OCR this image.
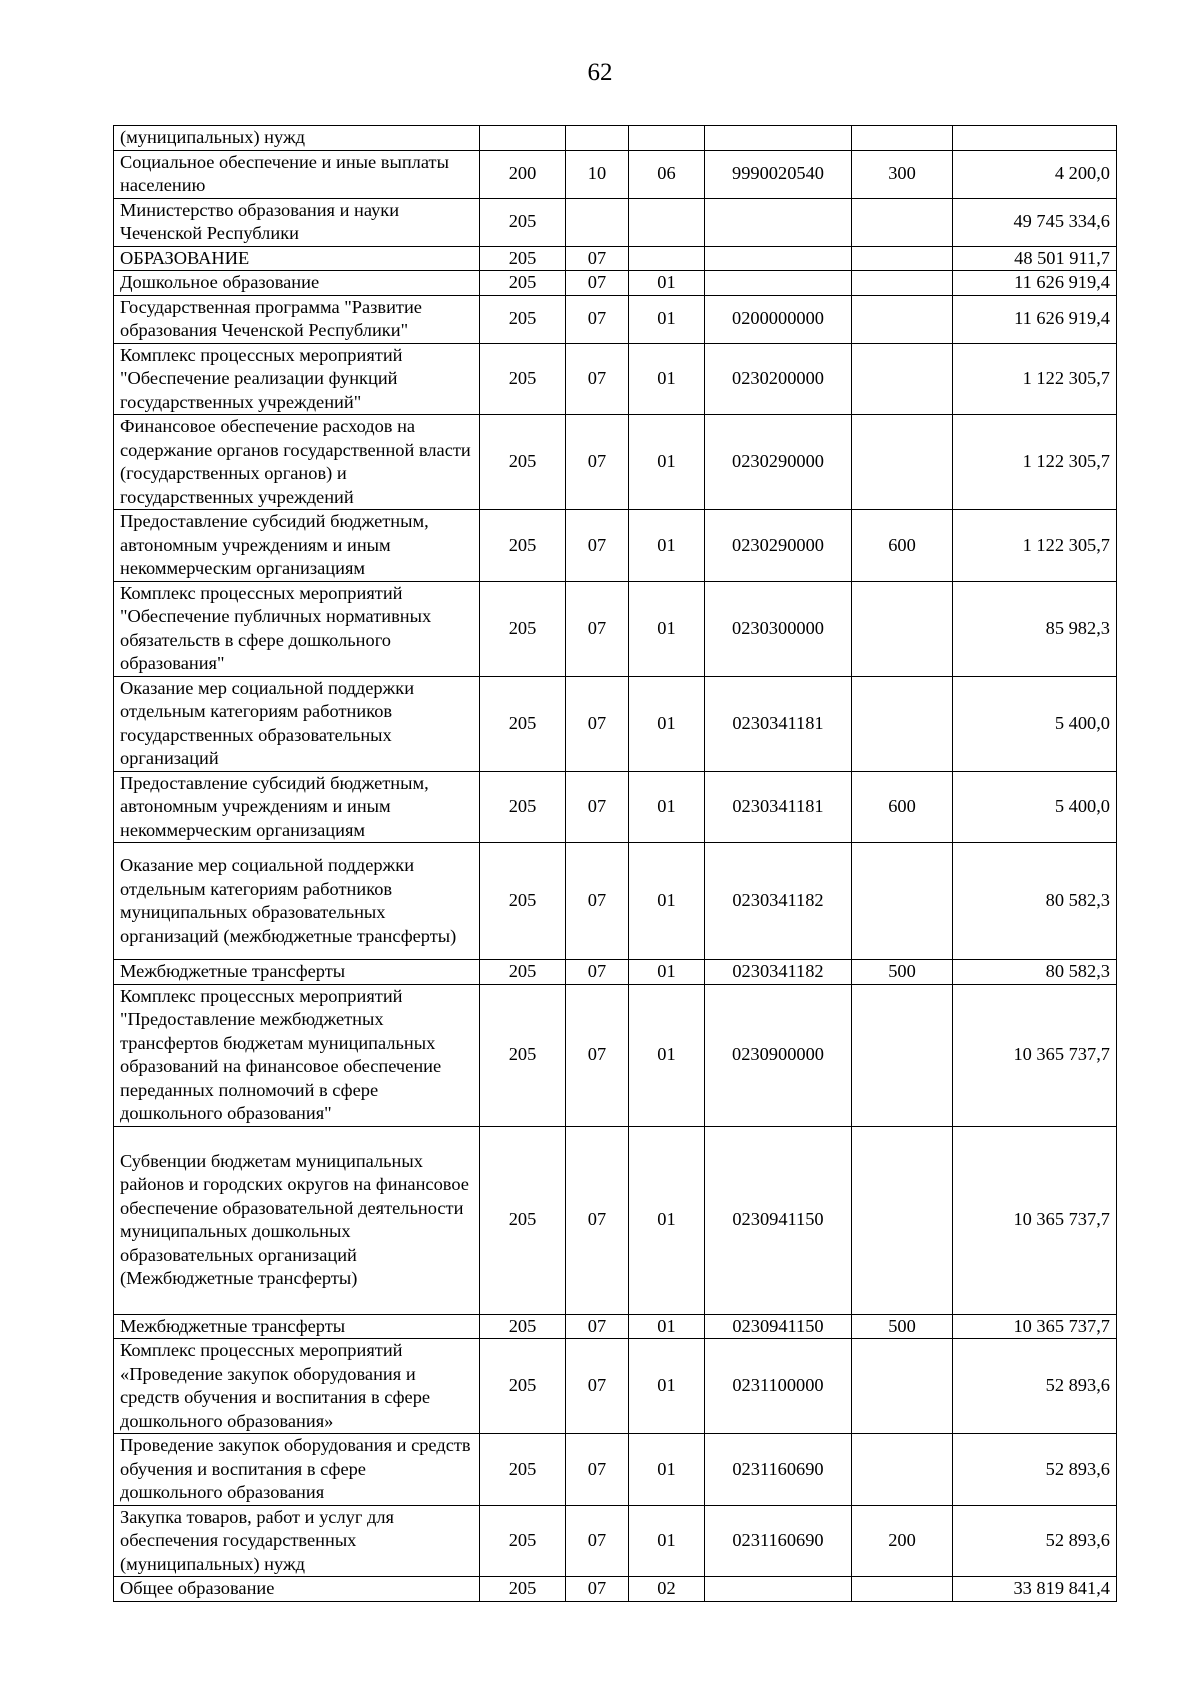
62
(муниципальных) нужд						
Социальное обеспечение и иные выплаты населению	200	10	06	9990020540	300	4 200,0
Министерство образования и науки Чеченской Республики	205					49 745 334,6
ОБРАЗОВАНИЕ	205	07				48 501 911,7
Дошкольное образование	205	07	01			11 626 919,4
Государственная программа "Развитие образования Чеченской Республики"	205	07	01	0200000000		11 626 919,4
Комплекс процессных мероприятий "Обеспечение реализации функций государственных учреждений"	205	07	01	0230200000		1 122 305,7
Финансовое обеспечение расходов на содержание органов государственной власти (государственных органов) и государственных учреждений	205	07	01	0230290000		1 122 305,7
Предоставление субсидий бюджетным, автономным учреждениям и иным некоммерческим организациям	205	07	01	0230290000	600	1 122 305,7
Комплекс процессных мероприятий "Обеспечение публичных нормативных обязательств в сфере дошкольного образования"	205	07	01	0230300000		85 982,3
Оказание мер социальной поддержки отдельным категориям работников государственных образовательных организаций	205	07	01	0230341181		5 400,0
Предоставление субсидий бюджетным, автономным учреждениям и иным некоммерческим организациям	205	07	01	0230341181	600	5 400,0
Оказание мер социальной поддержки отдельным категориям работников муниципальных образовательных организаций (межбюджетные трансферты)	205	07	01	0230341182		80 582,3
Межбюджетные трансферты	205	07	01	0230341182	500	80 582,3
Комплекс процессных мероприятий "Предоставление межбюджетных трансфертов бюджетам муниципальных образований на финансовое обеспечение переданных полномочий в сфере дошкольного образования"	205	07	01	0230900000		10 365 737,7
Субвенции бюджетам муниципальных районов и городских округов на финансовое обеспечение образовательной деятельности муниципальных дошкольных образовательных организаций (Межбюджетные трансферты)	205	07	01	0230941150		10 365 737,7
Межбюджетные трансферты	205	07	01	0230941150	500	10 365 737,7
Комплекс процессных мероприятий «Проведение закупок оборудования и средств обучения и воспитания в сфере дошкольного образования»	205	07	01	0231100000		52 893,6
Проведение закупок оборудования и средств обучения и воспитания в сфере дошкольного образования	205	07	01	0231160690		52 893,6
Закупка товаров, работ и услуг для обеспечения государственных (муниципальных) нужд	205	07	01	0231160690	200	52 893,6
Общее образование	205	07	02			33 819 841,4
